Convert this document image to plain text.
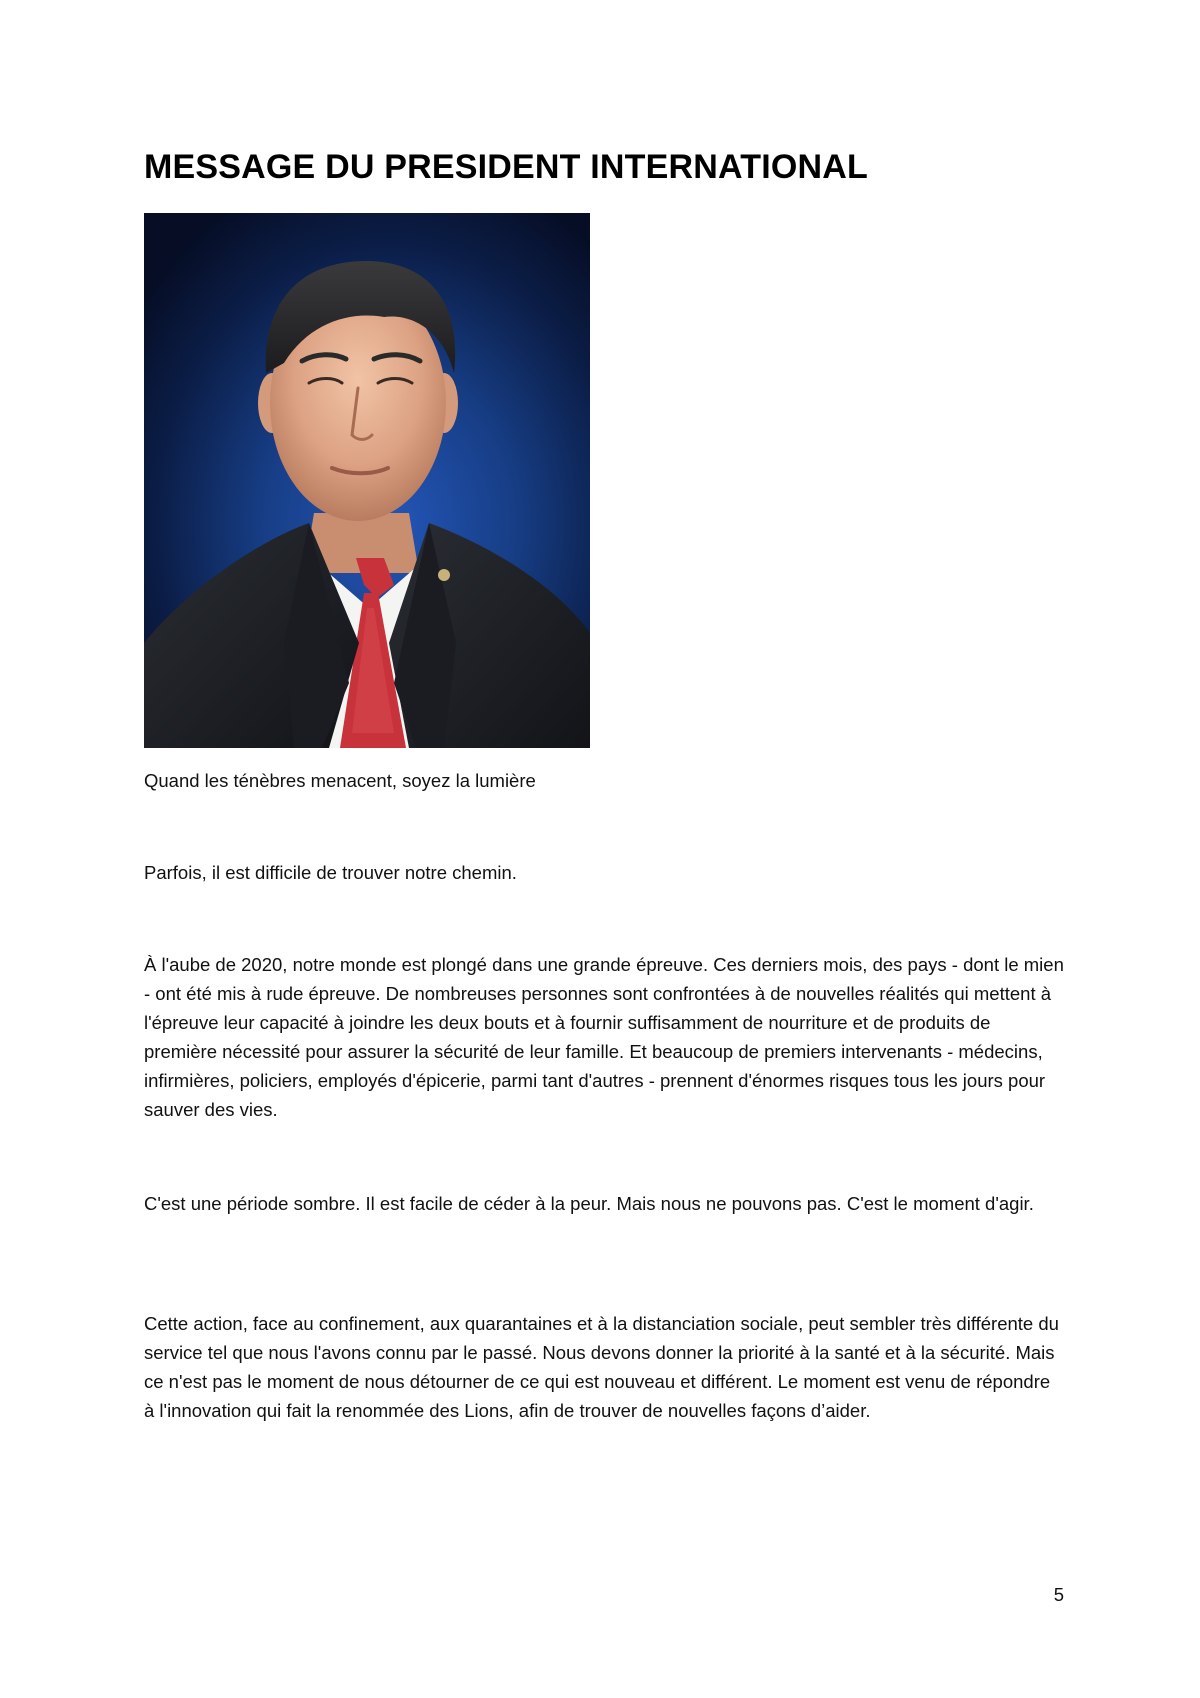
MESSAGE DU PRESIDENT INTERNATIONAL

Quand les ténèbres menacent, soyez la lumière

Parfois, il est difficile de trouver notre chemin.

À l'aube de 2020, notre monde est plongé dans une grande épreuve. Ces derniers mois, des pays - dont le mien - ont été mis à rude épreuve. De nombreuses personnes sont confrontées à de nouvelles réalités qui mettent à l'épreuve leur capacité à joindre les deux bouts et à fournir suffisamment de nourriture et de produits de première nécessité pour assurer la sécurité de leur famille. Et beaucoup de premiers intervenants - médecins, infirmières, policiers, employés d'épicerie, parmi tant d'autres - prennent d'énormes risques tous les jours pour sauver des vies.

C'est une période sombre. Il est facile de céder à la peur. Mais nous ne pouvons pas. C'est le moment d'agir.

Cette action, face au confinement, aux quarantaines et à la distanciation sociale, peut sembler très différente du service tel que nous l'avons connu par le passé. Nous devons donner la priorité à la santé et à la sécurité. Mais ce n'est pas le moment de nous détourner de ce qui est nouveau et différent. Le moment est venu de répondre à l'innovation qui fait la renommée des Lions, afin de trouver de nouvelles façons d’aider.

5
